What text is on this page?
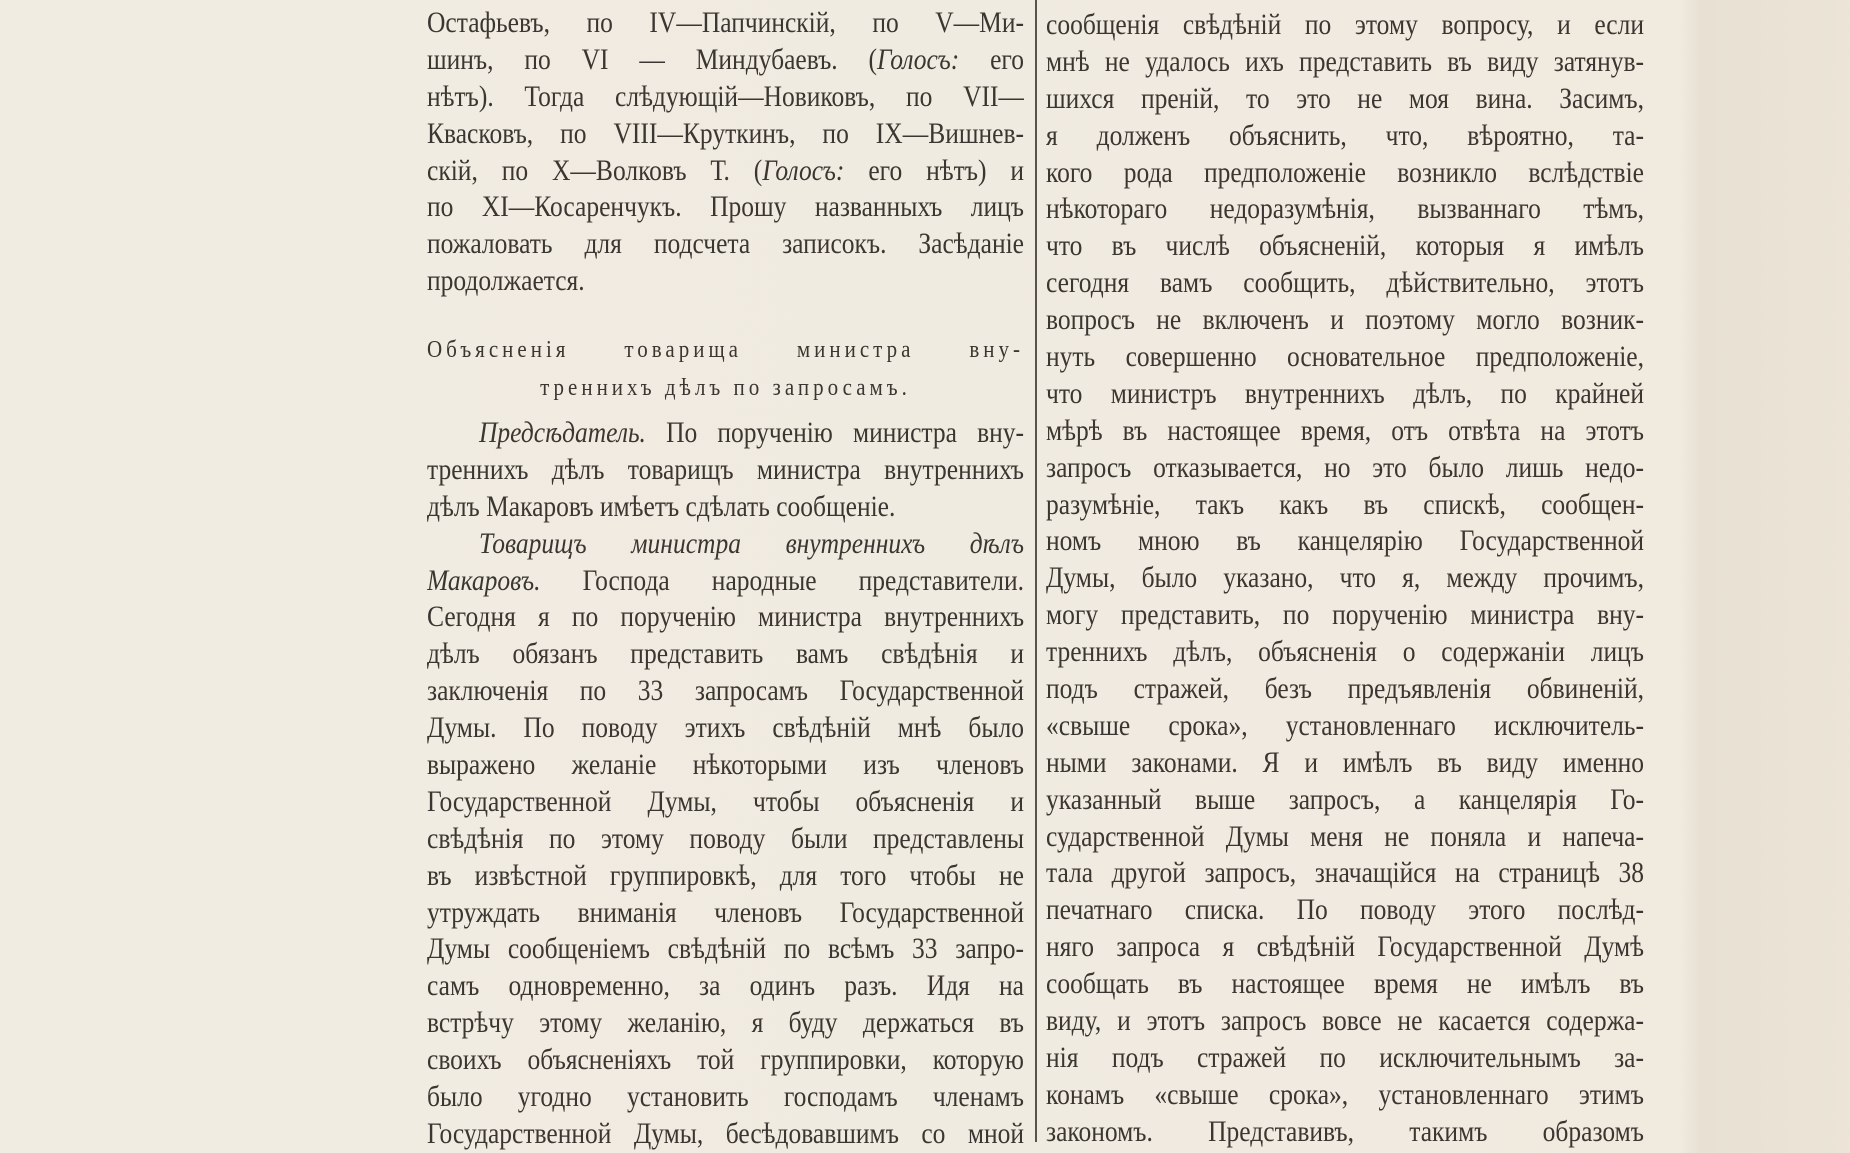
Остафьевъ, по IV—Папчинскій, по V—Ми-
шинъ, по VI — Миндубаевъ. (Голосъ: его
нѣтъ). Тогда слѣдующій—Новиковъ, по VII—
Квасковъ, по VIII—Круткинъ, по IX—Вишнев-
скій, по X—Волковъ Т. (Голосъ: его нѣтъ) и
по XI—Косаренчукъ. Прошу названныхъ лицъ
пожаловать для подсчета записокъ. Засѣданіе
продолжается.
Объясненія товарища министра вну-
треннихъ дѣлъ по запросамъ.
Предсѣдатель. По порученію министра вну-
треннихъ дѣлъ товарищъ министра внутреннихъ
дѣлъ Макаровъ имѣетъ сдѣлать сообщеніе.
Товарищъ министра внутреннихъ дѣлъ
Макаровъ. Господа народные представители.
Сегодня я по порученію министра внутреннихъ
дѣлъ обязанъ представить вамъ свѣдѣнія и
заключенія по 33 запросамъ Государственной
Думы. По поводу этихъ свѣдѣній мнѣ было
выражено желаніе нѣкоторыми изъ членовъ
Государственной Думы, чтобы объясненія и
свѣдѣнія по этому поводу были представлены
въ извѣстной группировкѣ, для того чтобы не
утруждать вниманія членовъ Государственной
Думы сообщеніемъ свѣдѣній по всѣмъ 33 запро-
самъ одновременно, за одинъ разъ. Идя на
встрѣчу этому желанію, я буду держаться въ
своихъ объясненіяхъ той группировки, которую
было угодно установить господамъ членамъ
Государственной Думы, бесѣдовавшимъ со мной
сообщенія свѣдѣній по этому вопросу, и если
мнѣ не удалось ихъ представить въ виду затянув-
шихся преній, то это не моя вина. Засимъ,
я долженъ объяснить, что, вѣроятно, та-
кого рода предположеніе возникло вслѣдствіе
нѣкотораго недоразумѣнія, вызваннаго тѣмъ,
что въ числѣ объясненій, которыя я имѣлъ
сегодня вамъ сообщить, дѣйствительно, этотъ
вопросъ не включенъ и поэтому могло возник-
нуть совершенно основательное предположеніе,
что министръ внутреннихъ дѣлъ, по крайней
мѣрѣ въ настоящее время, отъ отвѣта на этотъ
запросъ отказывается, но это было лишь недо-
разумѣніе, такъ какъ въ спискѣ, сообщен-
номъ мною въ канцелярію Государственной
Думы, было указано, что я, между прочимъ,
могу представить, по порученію министра вну-
треннихъ дѣлъ, объясненія о содержаніи лицъ
подъ стражей, безъ предъявленія обвиненій,
«свыше срока», установленнаго исключитель-
ными законами. Я и имѣлъ въ виду именно
указанный выше запросъ, а канцелярія Го-
сударственной Думы меня не поняла и напеча-
тала другой запросъ, значащійся на страницѣ 38
печатнаго списка. По поводу этого послѣд-
няго запроса я свѣдѣній Государственной Думѣ
сообщать въ настоящее время не имѣлъ въ
виду, и этотъ запросъ вовсе не касается содержа-
нія подъ стражей по исключительнымъ за-
конамъ «свыше срока», установленнаго этимъ
закономъ. Представивъ, такимъ образомъ
